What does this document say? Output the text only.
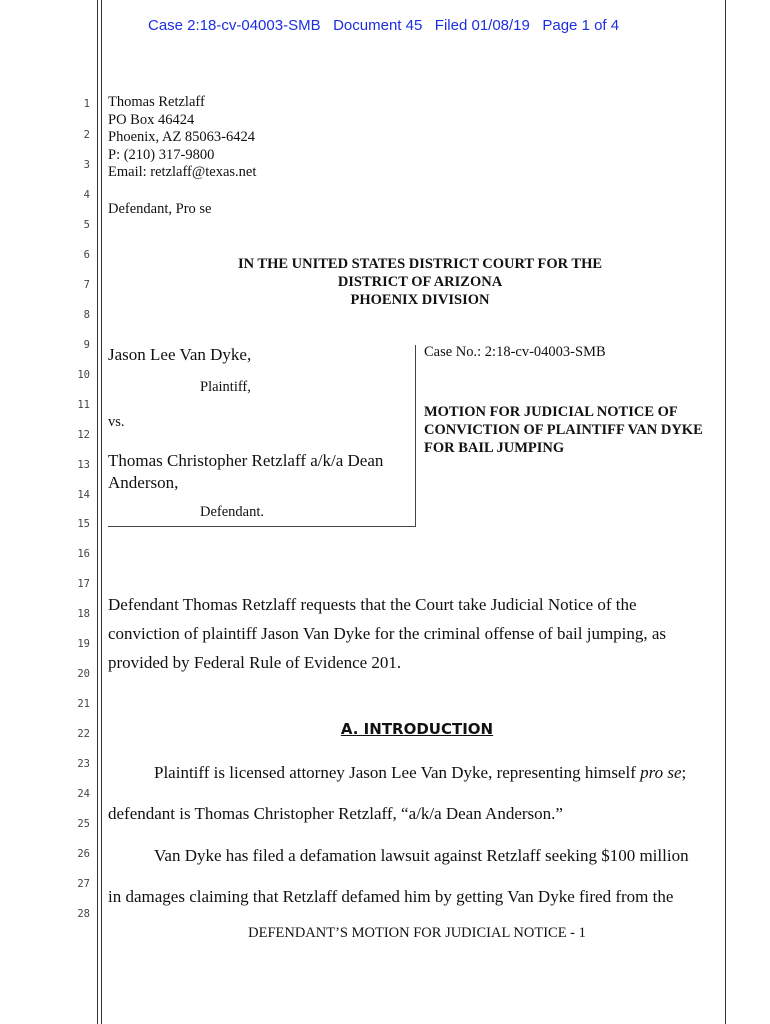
Case 2:18-cv-04003-SMB   Document 45   Filed 01/08/19   Page 1 of 4
1
2
3
4
5
6
7
8
9
10
11
12
13
14
15
16
17
18
19
20
21
22
23
24
25
26
27
28
Thomas Retzlaff
PO Box 46424
Phoenix, AZ 85063-6424
P: (210) 317-9800
Email: retzlaff@texas.net
Defendant, Pro se
IN THE UNITED STATES DISTRICT COURT FOR THE
DISTRICT OF ARIZONA
PHOENIX DIVISION
Jason Lee Van Dyke,
Plaintiff,
vs.
Thomas Christopher Retzlaff a/k/a Dean
Anderson,
Defendant.
Case No.: 2:18-cv-04003-SMB
MOTION FOR JUDICIAL NOTICE OF
CONVICTION OF PLAINTIFF VAN DYKE
FOR BAIL JUMPING
Defendant Thomas Retzlaff requests that the Court take Judicial Notice of the
conviction of plaintiff Jason Van Dyke for the criminal offense of bail jumping, as
provided by Federal Rule of Evidence 201.
A. INTRODUCTION
Plaintiff is licensed attorney Jason Lee Van Dyke, representing himself pro se;
defendant is Thomas Christopher Retzlaff, “a/k/a Dean Anderson.”
Van Dyke has filed a defamation lawsuit against Retzlaff seeking $100 million
in damages claiming that Retzlaff defamed him by getting Van Dyke fired from the
DEFENDANT’S MOTION FOR JUDICIAL NOTICE - 1
